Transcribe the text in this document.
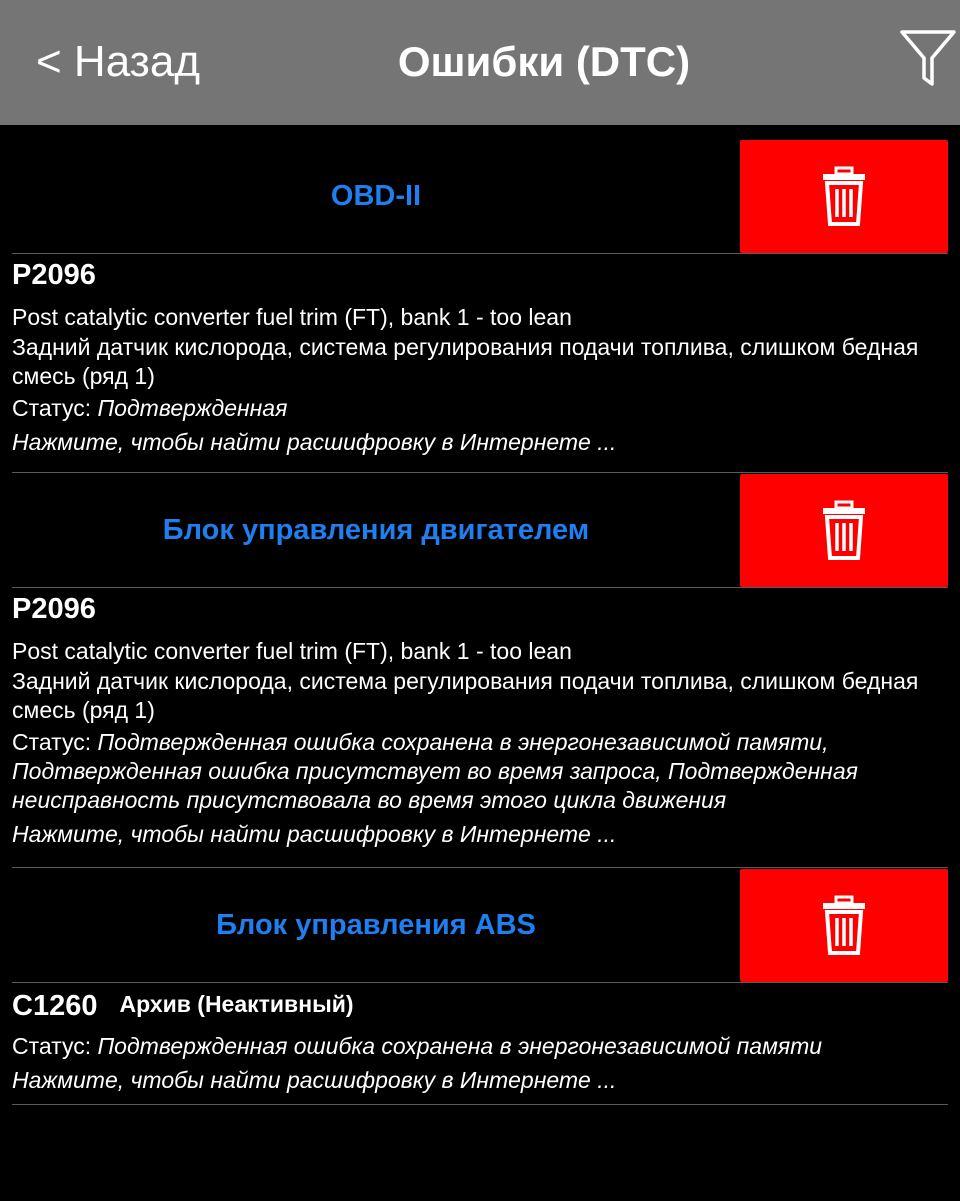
< Назад	Ошибки (DTC)
OBD-II
P2096
Post catalytic converter fuel trim (FT), bank 1 - too lean
Задний датчик кислорода, система регулирования подачи топлива, слишком бедная смесь (ряд 1)
Статус: Подтвержденная
Нажмите, чтобы найти расшифровку в Интернете ...
Блок управления двигателем
P2096
Post catalytic converter fuel trim (FT), bank 1 - too lean
Задний датчик кислорода, система регулирования подачи топлива, слишком бедная смесь (ряд 1)
Статус: Подтвержденная ошибка сохранена в энергонезависимой памяти, Подтвержденная ошибка присутствует во время запроса, Подтвержденная неисправность присутствовала во время этого цикла движения
Нажмите, чтобы найти расшифровку в Интернете ...
Блок управления ABS
C1260 Архив (Неактивный)
Статус: Подтвержденная ошибка сохранена в энергонезависимой памяти
Нажмите, чтобы найти расшифровку в Интернете ...
